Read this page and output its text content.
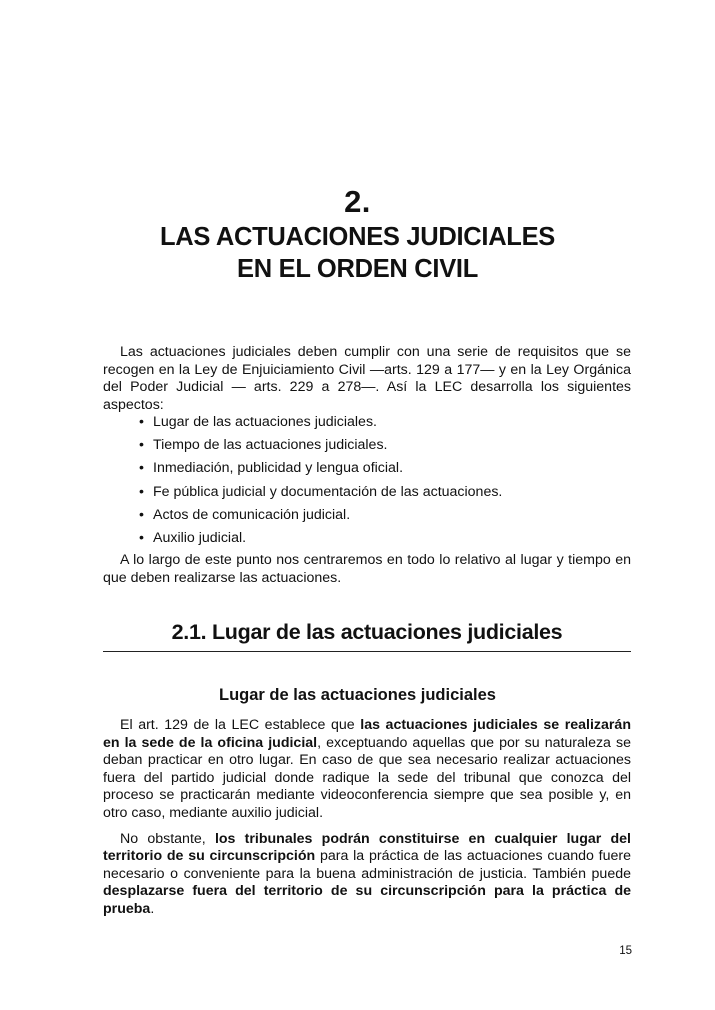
2.
LAS ACTUACIONES JUDICIALES
EN EL ORDEN CIVIL

Las actuaciones judiciales deben cumplir con una serie de requisitos que se recogen en la Ley de Enjuiciamiento Civil —arts. 129 a 177— y en la Ley Orgánica del Poder Judicial — arts. 229 a 278—. Así la LEC desarrolla los siguientes aspectos:

• Lugar de las actuaciones judiciales.
• Tiempo de las actuaciones judiciales.
• Inmediación, publicidad y lengua oficial.
• Fe pública judicial y documentación de las actuaciones.
• Actos de comunicación judicial.
• Auxilio judicial.

A lo largo de este punto nos centraremos en todo lo relativo al lugar y tiempo en que deben realizarse las actuaciones.

2.1. Lugar de las actuaciones judiciales
Lugar de las actuaciones judiciales

El art. 129 de la LEC establece que las actuaciones judiciales se realizarán en la sede de la oficina judicial, exceptuando aquellas que por su naturaleza se deban practicar en otro lugar. En caso de que sea necesario realizar actuaciones fuera del partido judicial donde radique la sede del tribunal que conozca del proceso se practicarán mediante videoconferencia siempre que sea posible y, en otro caso, mediante auxilio judicial.

No obstante, los tribunales podrán constituirse en cualquier lugar del territorio de su circunscripción para la práctica de las actuaciones cuando fuere necesario o conveniente para la buena administración de justicia. También puede desplazarse fuera del territorio de su circunscripción para la práctica de prueba.

15
